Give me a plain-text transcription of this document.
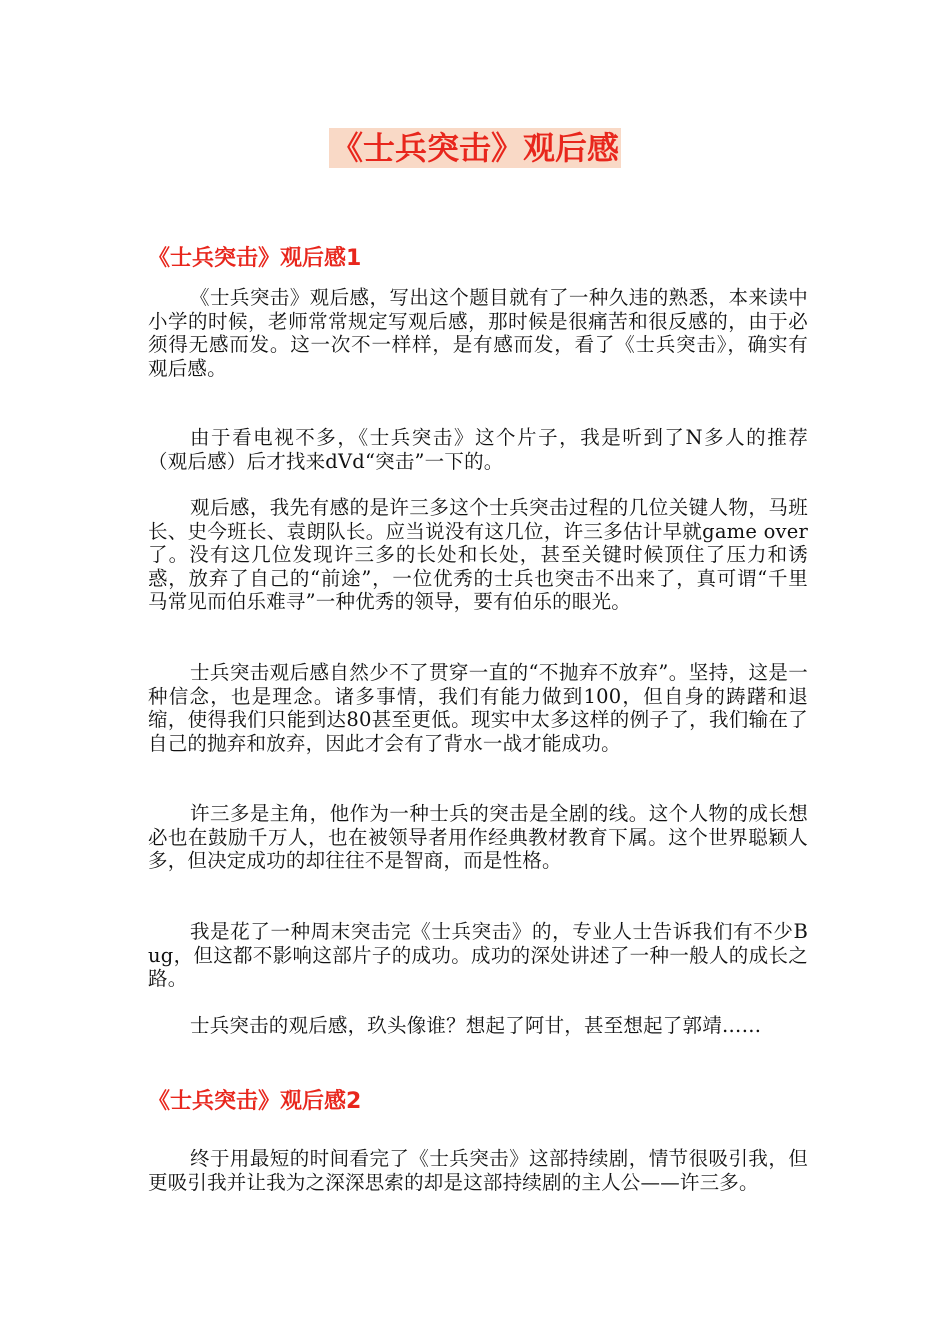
《士兵突击》观后感
《士兵突击》观后感1

《士兵突击》观后感，写出这个题目就有了一种久违的熟悉，本来读中小学的时候，老师常常规定写观后感，那时候是很痛苦和很反感的，由于必须得无感而发。这一次不一样样，是有感而发，看了《士兵突击》，确实有观后感。

由于看电视不多，《士兵突击》这个片子，我是听到了N多人的推荐（观后感）后才找来dVd“突击”一下的。

观后感，我先有感的是许三多这个士兵突击过程的几位关键人物，马班长、史今班长、袁朗队长。应当说没有这几位，许三多估计早就game over了。没有这几位发现许三多的长处和长处，甚至关键时候顶住了压力和诱惑，放弃了自己的“前途”，一位优秀的士兵也突击不出来了，真可谓“千里马常见而伯乐难寻”一种优秀的领导，要有伯乐的眼光。

士兵突击观后感自然少不了贯穿一直的“不抛弃不放弃”。坚持，这是一种信念，也是理念。诸多事情，我们有能力做到100，但自身的踌躇和退缩，使得我们只能到达80甚至更低。现实中太多这样的例子了，我们输在了自己的抛弃和放弃，因此才会有了背水一战才能成功。

许三多是主角，他作为一种士兵的突击是全剧的线。这个人物的成长想必也在鼓励千万人，也在被领导者用作经典教材教育下属。这个世界聪颖人多，但决定成功的却往往不是智商，而是性格。

我是花了一种周末突击完《士兵突击》的，专业人士告诉我们有不少Bug，但这都不影响这部片子的成功。成功的深处讲述了一种一般人的成长之路。

士兵突击的观后感，玖头像谁？想起了阿甘，甚至想起了郭靖……

《士兵突击》观后感2

终于用最短的时间看完了《士兵突击》这部持续剧，情节很吸引我，但更吸引我并让我为之深深思索的却是这部持续剧的主人公——许三多。
